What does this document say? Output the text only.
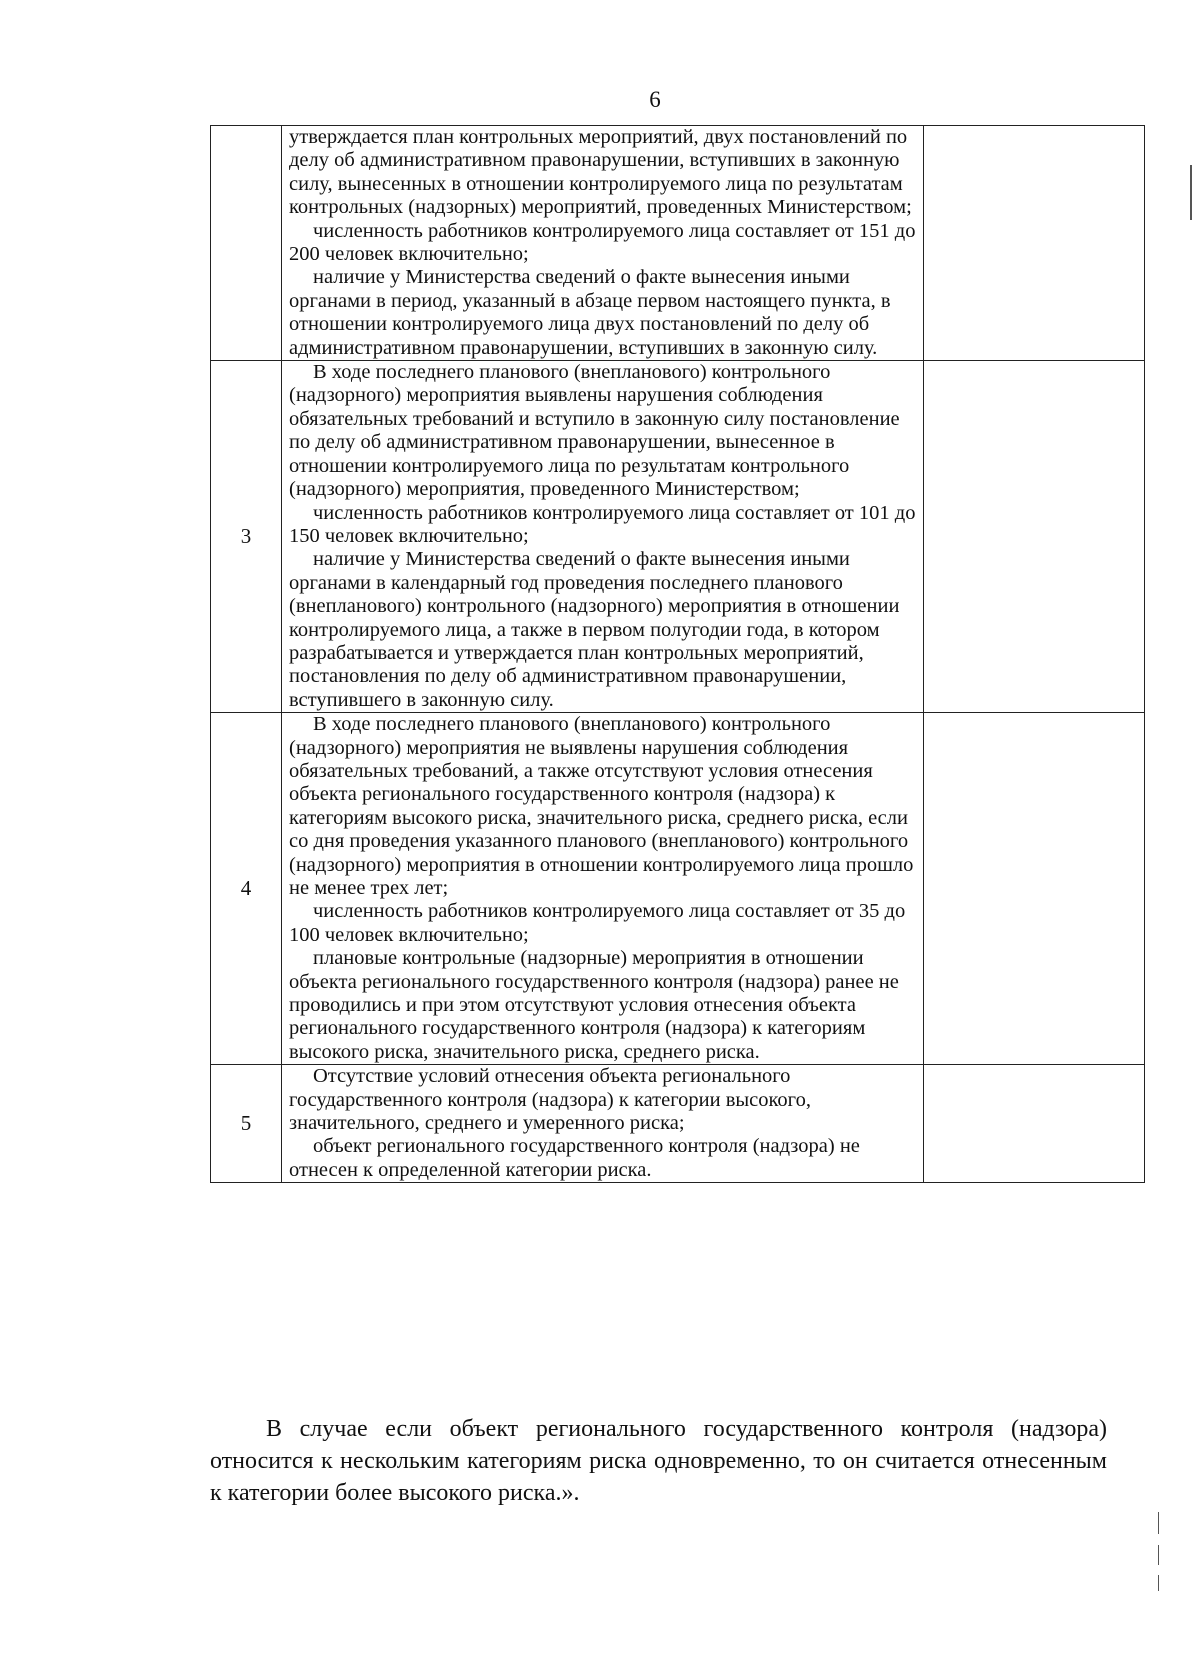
6

	утверждается план контрольных мероприятий, двух постановлений по делу об административном правонарушении, вступивших в законную силу, вынесенных в отношении контролируемого лица по результатам контрольных (надзорных) мероприятий, проведенных Министерством;

численность работников контролируемого лица составляет от 151 до 200 человек включительно;

наличие у Министерства сведений о факте вынесения иными органами в период, указанный в абзаце первом настоящего пункта, в отношении контролируемого лица двух постановлений по делу об административном правонарушении, вступивших в законную силу.	

3	В ходе последнего планового (внепланового) контрольного (надзорного) мероприятия выявлены нарушения соблюдения обязательных требований и вступило в законную силу постановление по делу об административном правонарушении, вынесенное в отношении контролируемого лица по результатам контрольного (надзорного) мероприятия, проведенного Министерством;

численность работников контролируемого лица составляет от 101 до 150 человек включительно;

наличие у Министерства сведений о факте вынесения иными органами в календарный год проведения последнего планового (внепланового) контрольного (надзорного) мероприятия в отношении контролируемого лица, а также в первом полугодии года, в котором разрабатывается и утверждается план контрольных мероприятий, постановления по делу об административном правонарушении, вступившего в законную силу.	

4	В ходе последнего планового (внепланового) контрольного (надзорного) мероприятия не выявлены нарушения соблюдения обязательных требований, а также отсутствуют условия отнесения объекта регионального государственного контроля (надзора) к категориям высокого риска, значительного риска, среднего риска, если со дня проведения указанного планового (внепланового) контрольного (надзорного) мероприятия в отношении контролируемого лица прошло не менее трех лет;

численность работников контролируемого лица составляет от 35 до 100 человек включительно;

плановые контрольные (надзорные) мероприятия в отношении объекта регионального государственного контроля (надзора) ранее не проводились и при этом отсутствуют условия отнесения объекта регионального государственного контроля (надзора) к категориям высокого риска, значительного риска, среднего риска.	

5	Отсутствие условий отнесения объекта регионального государственного контроля (надзора) к категории высокого, значительного, среднего и умеренного риска;

объект регионального государственного контроля (надзора) не отнесен к определенной категории риска.	

В случае если объект регионального государственного контроля (надзора) относится к нескольким категориям риска одновременно, то он считается отнесенным к категории более высокого риска.».
